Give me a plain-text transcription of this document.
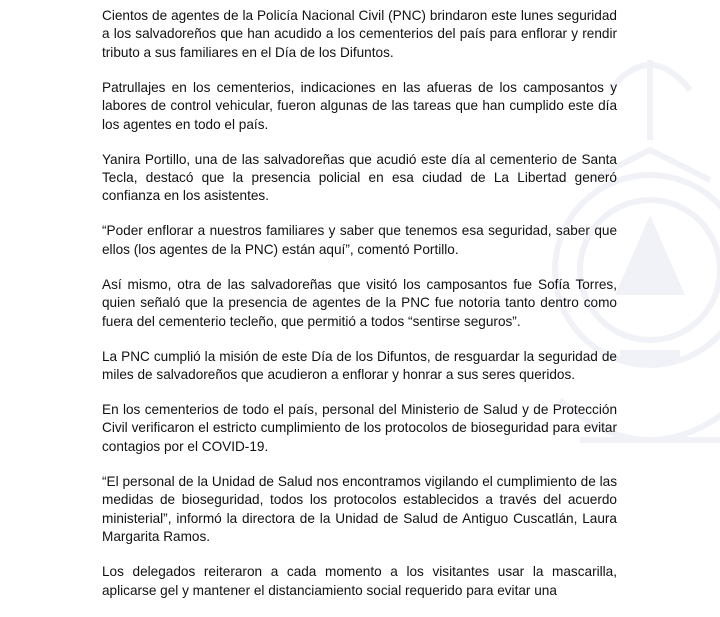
Cientos de agentes de la Policía Nacional Civil (PNC) brindaron este lunes seguridad a los salvadoreños que han acudido a los cementerios del país para enflorar y rendir tributo a sus familiares en el Día de los Difuntos.

Patrullajes en los cementerios, indicaciones en las afueras de los camposantos y labores de control vehicular, fueron algunas de las tareas que han cumplido este día los agentes en todo el país.

Yanira Portillo, una de las salvadoreñas que acudió este día al cementerio de Santa Tecla, destacó que la presencia policial en esa ciudad de La Libertad generó confianza en los asistentes.

“Poder enflorar a nuestros familiares y saber que tenemos esa seguridad, saber que ellos (los agentes de la PNC) están aquí”, comentó Portillo.

Así mismo, otra de las salvadoreñas que visitó los camposantos fue Sofía Torres, quien señaló que la presencia de agentes de la PNC fue notoria tanto dentro como fuera del cementerio tecleño, que permitió a todos “sentirse seguros”.

La PNC cumplió la misión de este Día de los Difuntos, de resguardar la seguridad de miles de salvadoreños que acudieron a enflorar y honrar a sus seres queridos.

En los cementerios de todo el país, personal del Ministerio de Salud y de Protección Civil verificaron el estricto cumplimiento de los protocolos de bioseguridad para evitar contagios por el COVID-19.

“El personal de la Unidad de Salud nos encontramos vigilando el cumplimiento de las medidas de bioseguridad, todos los protocolos establecidos a través del acuerdo ministerial”, informó la directora de la Unidad de Salud de Antiguo Cuscatlán, Laura Margarita Ramos.

Los delegados reiteraron a cada momento a los visitantes usar la mascarilla, aplicarse gel y mantener el distanciamiento social requerido para evitar una
